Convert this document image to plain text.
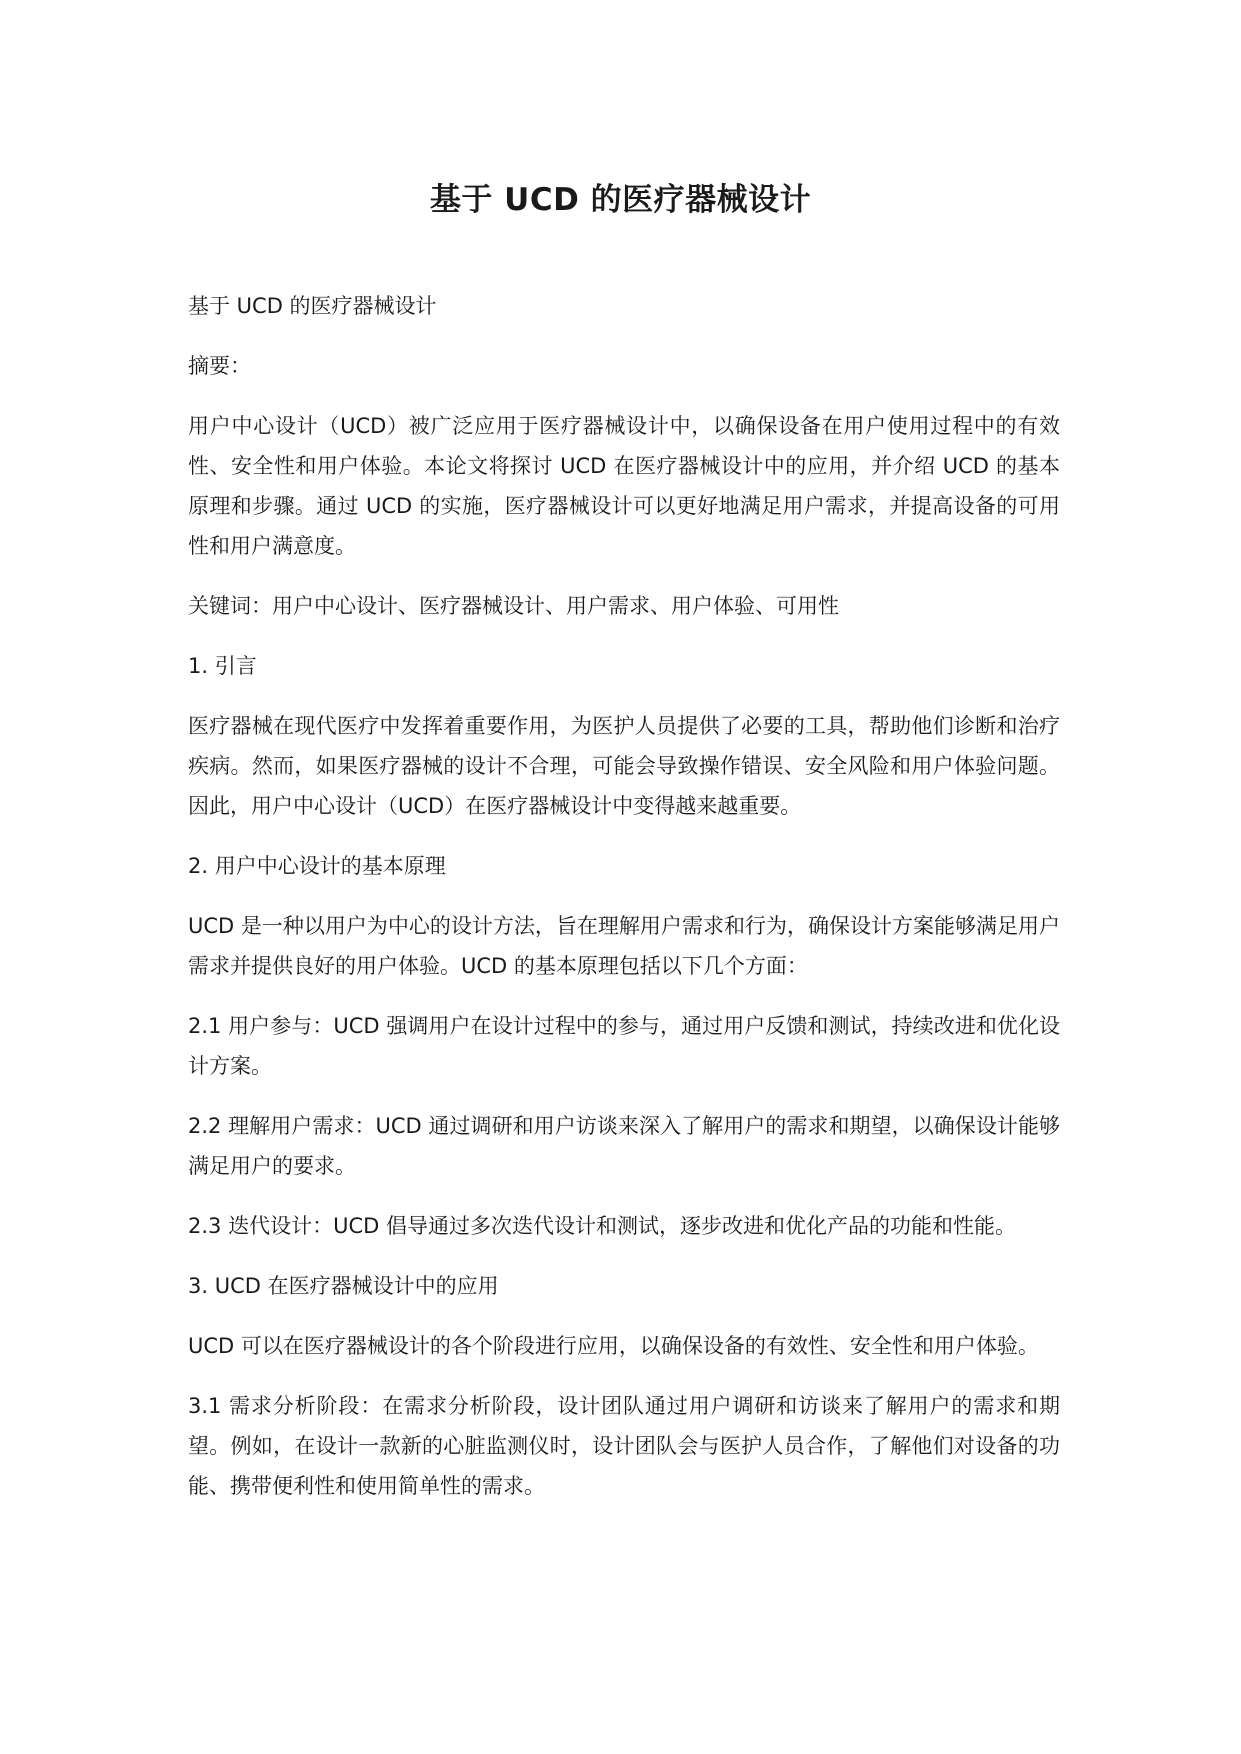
基于 UCD 的医疗器械设计

基于 UCD 的医疗器械设计

摘要：

用户中心设计（UCD）被广泛应用于医疗器械设计中，以确保设备在用户使用过程中的有效性、安全性和用户体验。本论文将探讨 UCD 在医疗器械设计中的应用，并介绍 UCD 的基本原理和步骤。通过 UCD 的实施，医疗器械设计可以更好地满足用户需求，并提高设备的可用性和用户满意度。

关键词：用户中心设计、医疗器械设计、用户需求、用户体验、可用性

1. 引言

医疗器械在现代医疗中发挥着重要作用，为医护人员提供了必要的工具，帮助他们诊断和治疗疾病。然而，如果医疗器械的设计不合理，可能会导致操作错误、安全风险和用户体验问题。因此，用户中心设计（UCD）在医疗器械设计中变得越来越重要。

2. 用户中心设计的基本原理

UCD 是一种以用户为中心的设计方法，旨在理解用户需求和行为，确保设计方案能够满足用户需求并提供良好的用户体验。UCD 的基本原理包括以下几个方面：

2.1 用户参与：UCD 强调用户在设计过程中的参与，通过用户反馈和测试，持续改进和优化设计方案。

2.2 理解用户需求：UCD 通过调研和用户访谈来深入了解用户的需求和期望，以确保设计能够满足用户的要求。

2.3 迭代设计：UCD 倡导通过多次迭代设计和测试，逐步改进和优化产品的功能和性能。

3. UCD 在医疗器械设计中的应用

UCD 可以在医疗器械设计的各个阶段进行应用，以确保设备的有效性、安全性和用户体验。

3.1 需求分析阶段：在需求分析阶段，设计团队通过用户调研和访谈来了解用户的需求和期望。例如，在设计一款新的心脏监测仪时，设计团队会与医护人员合作，了解他们对设备的功能、携带便利性和使用简单性的需求。
